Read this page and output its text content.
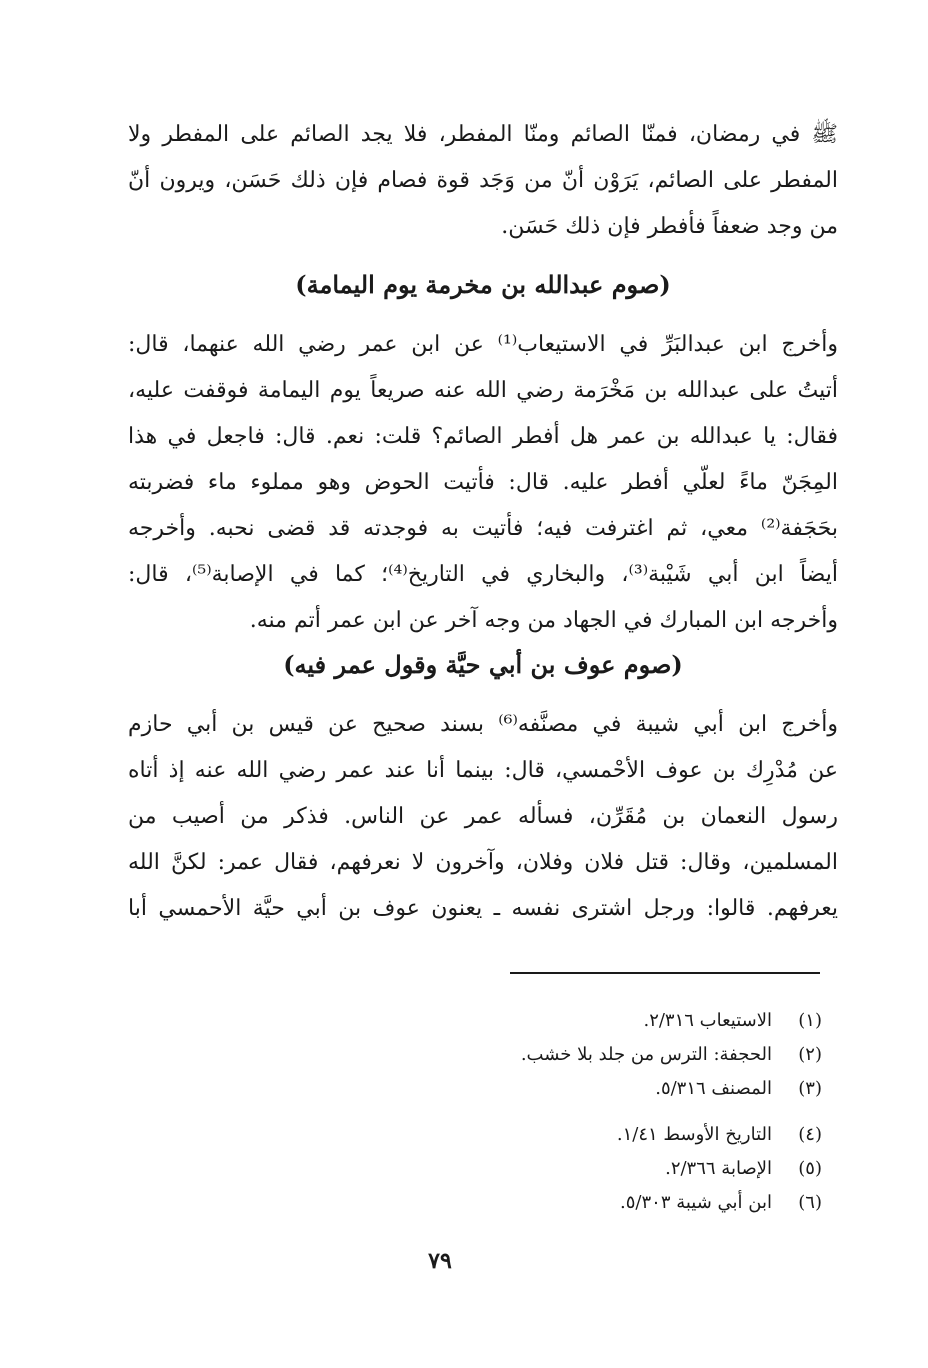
ﷺ في رمضان، فمنّا الصائم ومنّا المفطر، فلا يجد الصائم على المفطر ولا
المفطر على الصائم، يَرَوْن أنّ من وَجَد قوة فصام فإن ذلك حَسَن، ويرون أنّ
من وجد ضعفاً فأفطر فإن ذلك حَسَن.
(صوم عبدالله بن مخرمة يوم اليمامة)
وأخرج ابن عبدالبَرِّ في الاستيعاب⁽¹⁾ عن ابن عمر رضي الله عنهما، قال:
أتيتُ على عبدالله بن مَخْرَمة رضي الله عنه صريعاً يوم اليمامة فوقفت عليه،
فقال: يا عبدالله بن عمر هل أفطر الصائم؟ قلت: نعم. قال: فاجعل في هذا
المِجَنّ ماءً لعلّي أفطر عليه. قال: فأتيت الحوض وهو مملوء ماء فضربته
بحَجَفة⁽²⁾ معي، ثم اغترفت فيه؛ فأتيت به فوجدته قد قضى نحبه. وأخرجه
أيضاً ابن أبي شَيْبة⁽³⁾، والبخاري في التاريخ⁽⁴⁾؛ كما في الإصابة⁽⁵⁾، قال:
وأخرجه ابن المبارك في الجهاد من وجه آخر عن ابن عمر أتم منه.
(صوم عوف بن أبي حيَّة وقول عمر فيه)
وأخرج ابن أبي شيبة في مصنَّفه⁽⁶⁾ بسند صحيح عن قيس بن أبي حازم
عن مُدْرِك بن عوف الأحْمسي، قال: بينما أنا عند عمر رضي الله عنه إذ أتاه
رسول النعمان بن مُقَرِّن، فسأله عمر عن الناس. فذكر من أصيب من
المسلمين، وقال: قتل فلان وفلان، وآخرون لا نعرفهم، فقال عمر: لكنَّ الله
يعرفهم. قالوا: ورجل اشترى نفسه ـ يعنون عوف بن أبي حيَّة الأحمسي أبا
(١)
الاستيعاب ٢/٣١٦.
(٢)
الحجفة: الترس من جلد بلا خشب.
(٣)
المصنف ٥/٣١٦.
(٤)
التاريخ الأوسط ١/٤١.
(٥)
الإصابة ٢/٣٦٦.
(٦)
ابن أبي شيبة ٥/٣٠٣.
٧٩
